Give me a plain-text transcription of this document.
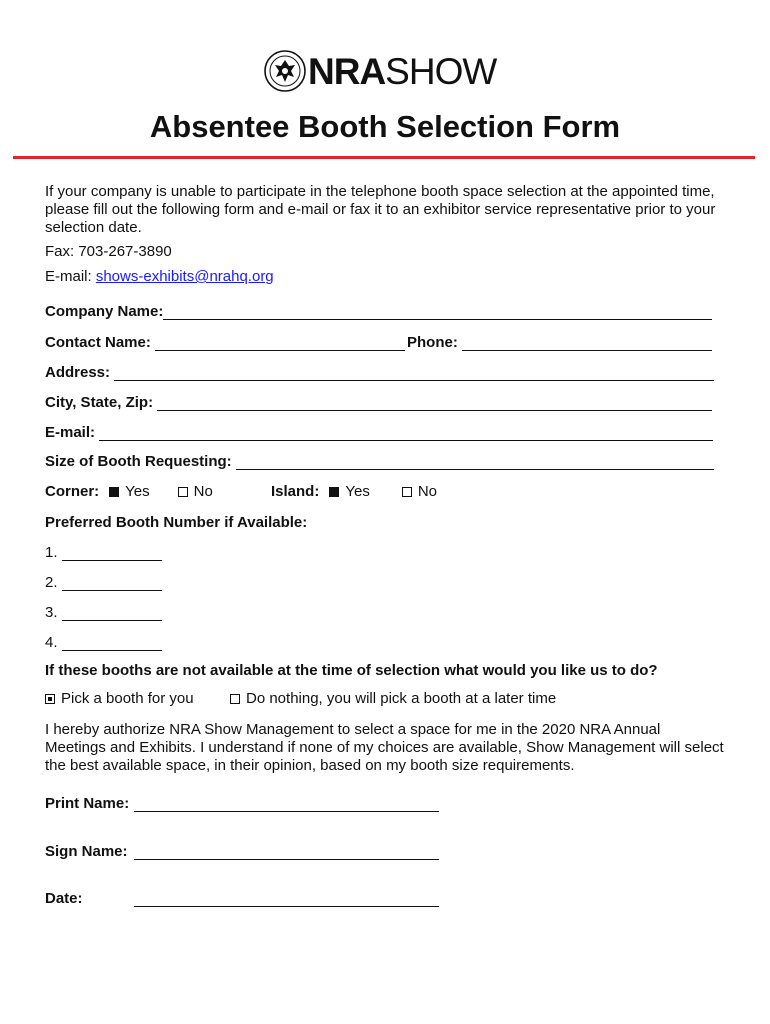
NRASHOW
Absentee Booth Selection Form
If your company is unable to participate in the telephone booth space selection at the appointed time, please fill out the following form and e-mail or fax it to an exhibitor service representative prior to your selection date.
Fax: 703-267-3890
E-mail: shows-exhibits@nrahq.org
Company Name:
Contact Name:	Phone:
Address:
City, State, Zip:
E-mail:
Size of Booth Requesting:
Corner: Yes	No	Island: Yes	No
Preferred Booth Number if Available:
1.
2.
3.
4.
If these booths are not available at the time of selection what would you like us to do?
Pick a booth for you	Do nothing, you will pick a booth at a later time
I hereby authorize NRA Show Management to select a space for me in the 2020 NRA Annual Meetings and Exhibits. I understand if none of my choices are available, Show Management will select the best available space, in their opinion, based on my booth size requirements.
Print Name:
Sign Name:
Date:
